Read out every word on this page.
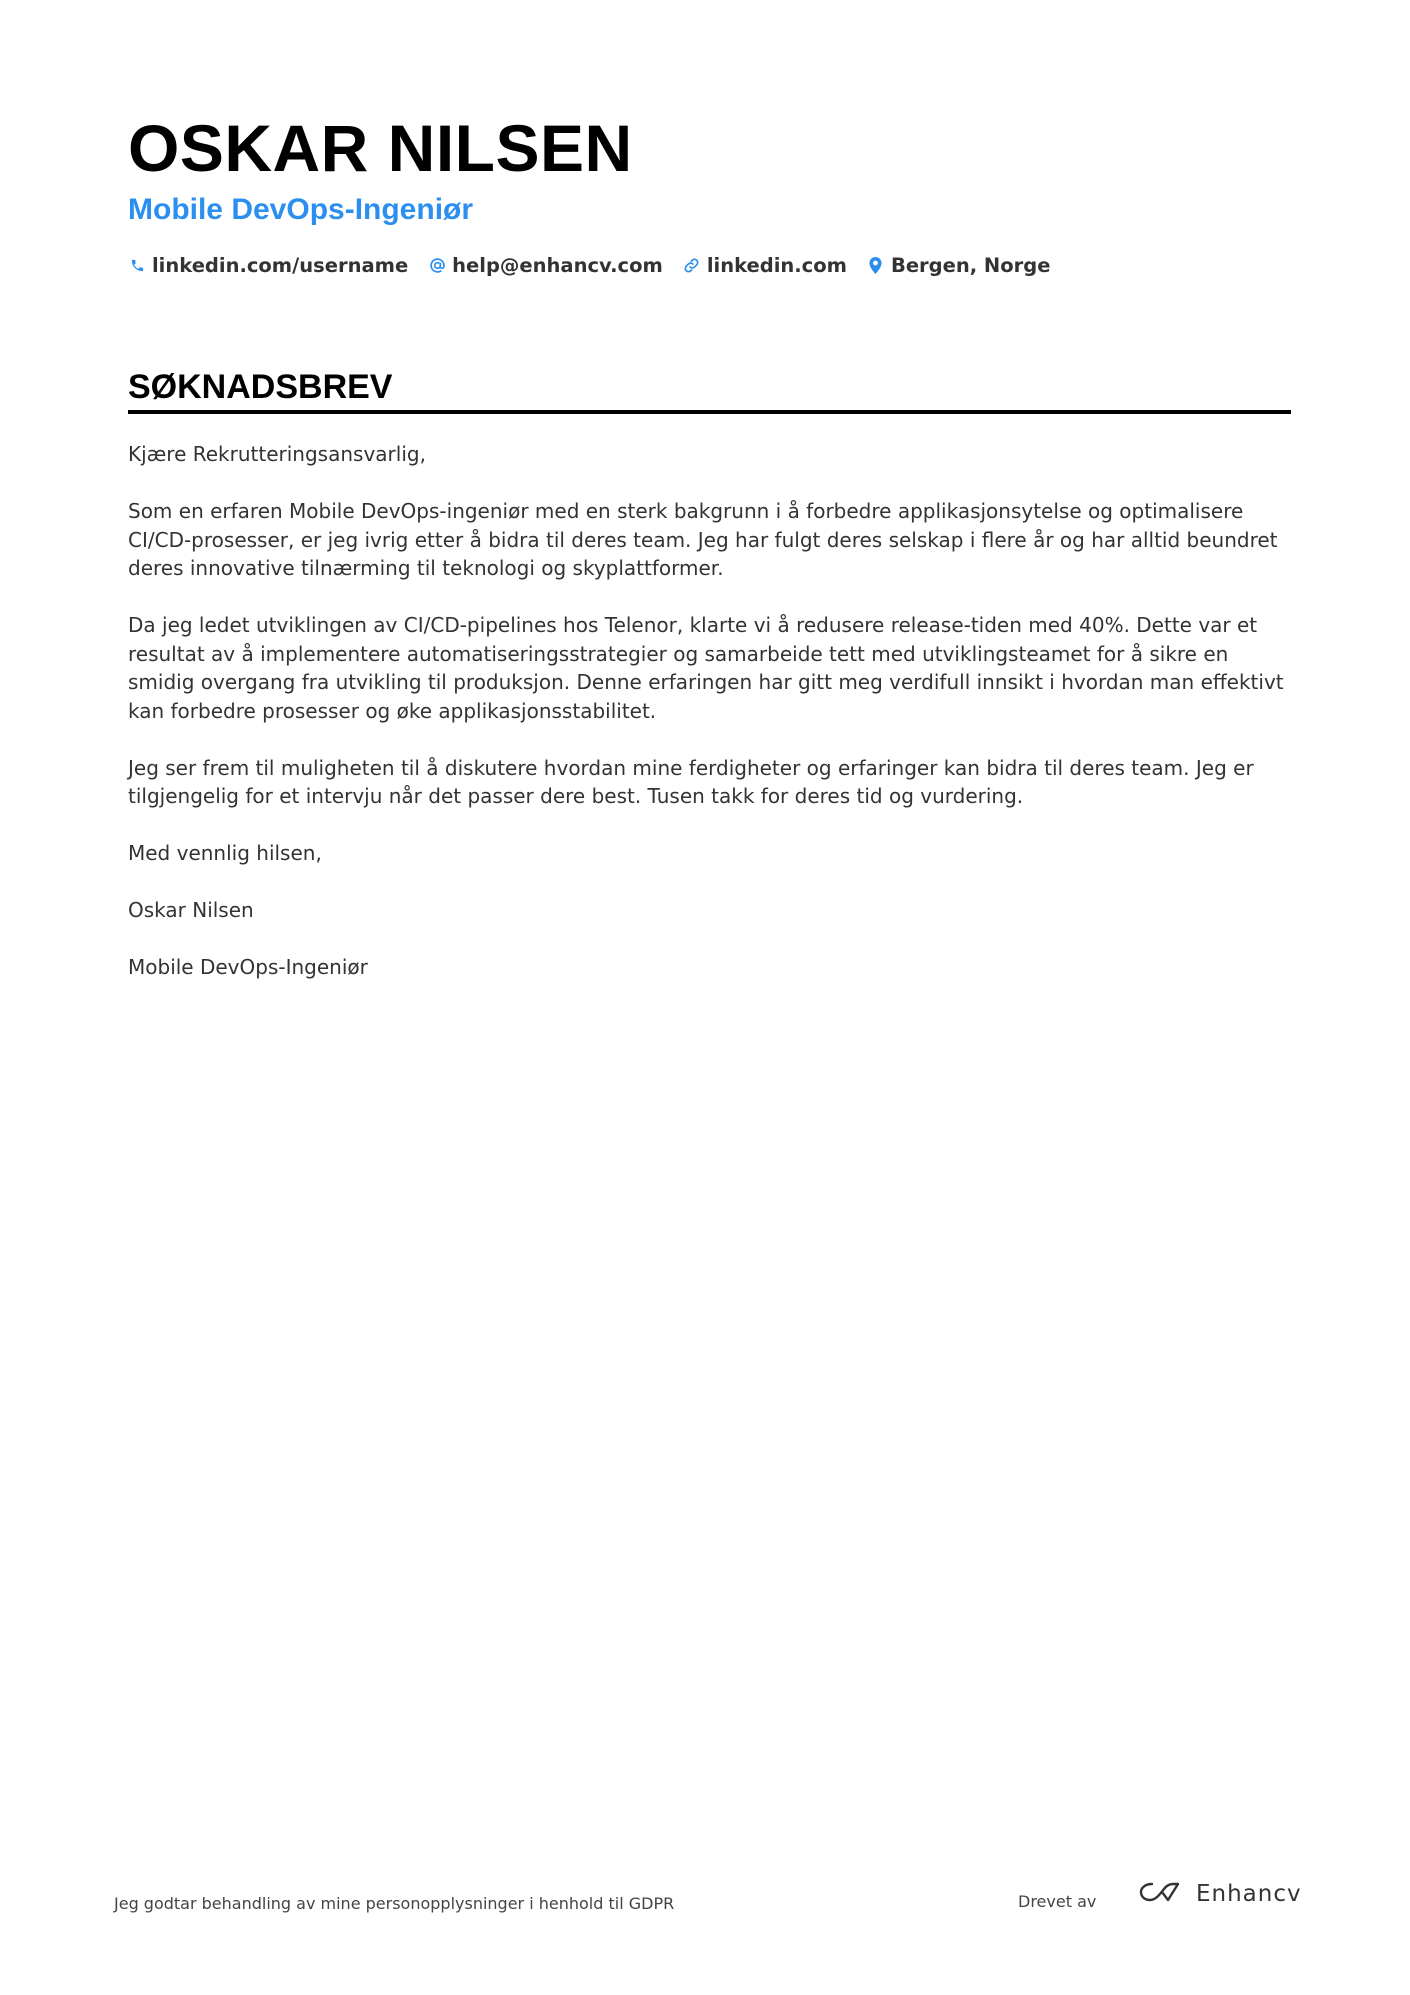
OSKAR NILSEN
Mobile DevOps-Ingeniør
linkedin.com/username help@enhancv.com linkedin.com Bergen, Norge
SØKNADSBREV

Kjære Rekrutteringsansvarlig,

Som en erfaren Mobile DevOps-ingeniør med en sterk bakgrunn i å forbedre applikasjonsytelse og optimalisere CI/CD-prosesser, er jeg ivrig etter å bidra til deres team. Jeg har fulgt deres selskap i flere år og har alltid beundret deres innovative tilnærming til teknologi og skyplattformer.

Da jeg ledet utviklingen av CI/CD-pipelines hos Telenor, klarte vi å redusere release-tiden med 40%. Dette var et resultat av å implementere automatiseringsstrategier og samarbeide tett med utviklingsteamet for å sikre en smidig overgang fra utvikling til produksjon. Denne erfaringen har gitt meg verdifull innsikt i hvordan man effektivt kan forbedre prosesser og øke applikasjonsstabilitet.

Jeg ser frem til muligheten til å diskutere hvordan mine ferdigheter og erfaringer kan bidra til deres team. Jeg er tilgjengelig for et intervju når det passer dere best. Tusen takk for deres tid og vurdering.

Med vennlig hilsen,

Oskar Nilsen

Mobile DevOps-Ingeniør

Jeg godtar behandling av mine personopplysninger i henhold til GDPR	Drevet av	Enhancv
